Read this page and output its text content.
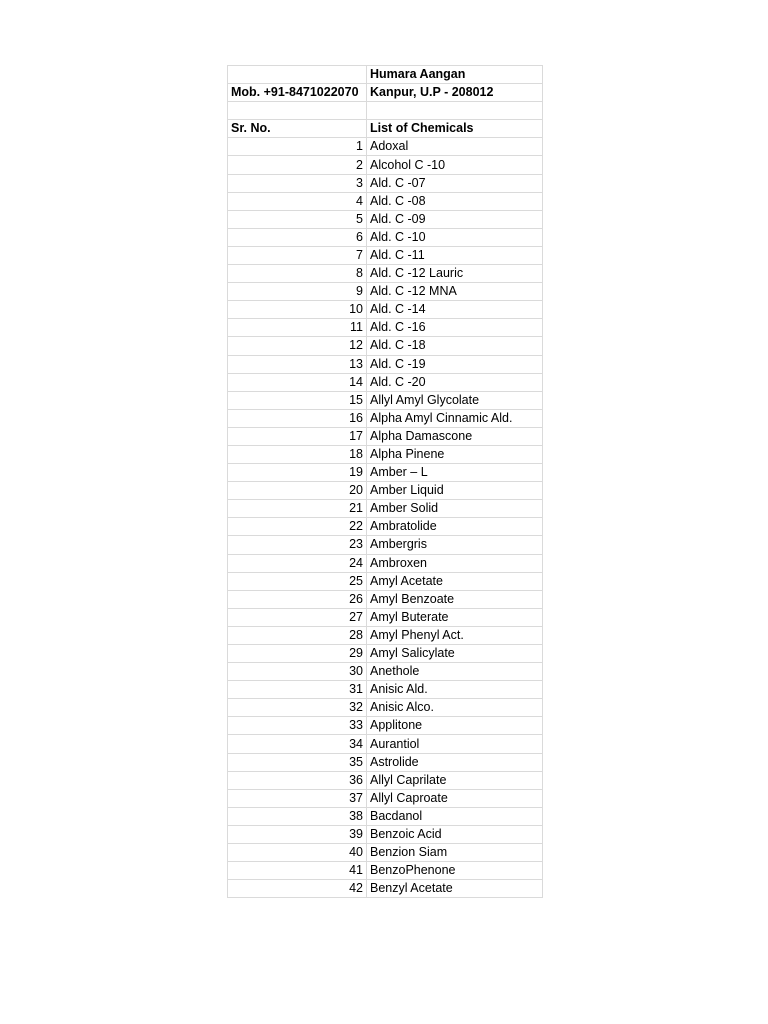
	Humara Aangan
Mob. +91-8471022070	Kanpur, U.P - 208012

Sr. No.	List of Chemicals
1	Adoxal
2	Alcohol C -10
3	Ald. C -07
4	Ald. C -08
5	Ald. C -09
6	Ald. C -10
7	Ald. C -11
8	Ald. C -12 Lauric
9	Ald. C -12 MNA
10	Ald. C -14
11	Ald. C -16
12	Ald. C -18
13	Ald. C -19
14	Ald. C -20
15	Allyl Amyl Glycolate
16	Alpha Amyl Cinnamic Ald.
17	Alpha Damascone
18	Alpha Pinene
19	Amber – L
20	Amber Liquid
21	Amber Solid
22	Ambratolide
23	Ambergris
24	Ambroxen
25	Amyl Acetate
26	Amyl Benzoate
27	Amyl Buterate
28	Amyl Phenyl Act.
29	Amyl Salicylate
30	Anethole
31	Anisic Ald.
32	Anisic Alco.
33	Applitone
34	Aurantiol
35	Astrolide
36	Allyl Caprilate
37	Allyl Caproate
38	Bacdanol
39	Benzoic Acid
40	Benzion Siam
41	BenzoPhenone
42	Benzyl Acetate
